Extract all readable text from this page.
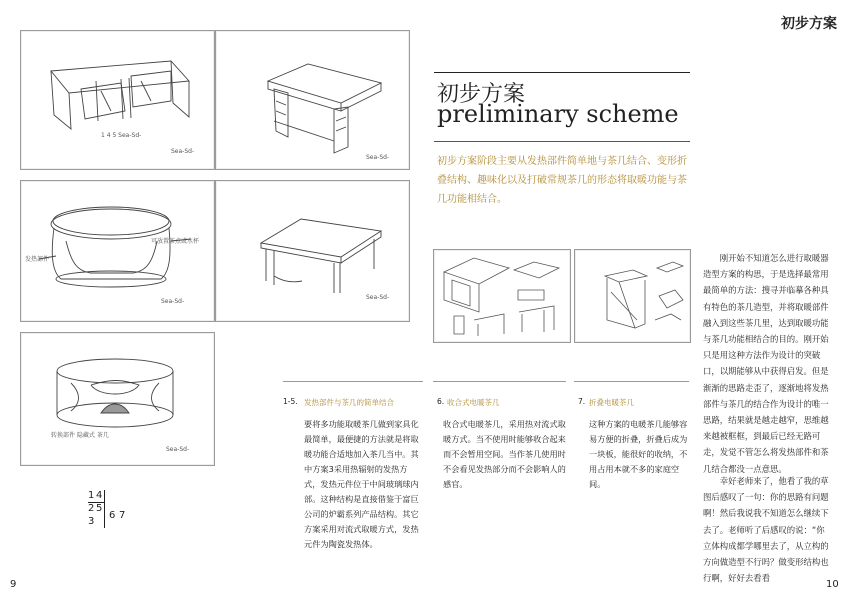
初步方案
1 4 5 Sea-Sd-
Sea-Sd-
Sea-Sd-
发热部件
可放置茶点或水杯
Sea-Sd-
Sea-Sd-
转换部件 隐藏式 茶几
Sea-Sd-
4
1
2 5
3
6 7
初步方案
preliminary scheme
初步方案阶段主要从发热部件简单地与茶几结合、变形折叠结构、趣味化以及打破常规茶几的形态将取暖功能与茶几功能相结合。
1-5. 发热部件与茶几的简单结合
要将多功能取暖茶几做到家具化最简单，最便捷的方法就是将取暖功能合适地加入茶几当中。其中方案3采用热辐射的发热方式，发热元件位于中间玻璃球内部。这种结构是直接借鉴于富巨公司的炉霸系列产品结构。其它方案采用对流式取暖方式，发热元件为陶瓷发热体。
6. 收合式电暖茶几
收合式电暖茶几，采用热对流式取暖方式。当不使用时能够收合起来而不会暂用空间。当作茶几使用时不会看见发热部分而不会影响人的感官。
7. 折叠电暖茶几
这种方案的电暖茶几能够容易方便的折叠，折叠后成为一块板，能很好的收纳，不用占用本就不多的家庭空间。
刚开始不知道怎么进行取暖器造型方案的构思，于是选择最常用最简单的方法：搜寻并临摹各种具有特色的茶几造型，并将取暖部件融入到这些茶几里，达到取暖功能与茶几功能相结合的目的。刚开始只是用这种方法作为设计的突破口，以期能够从中获得启发。但是渐渐的思路走歪了，逐渐地将发热部件与茶几的结合作为设计的唯一思路，结果就是越走越窄，思维越来越被框框，到最后已经无路可走，发觉不管怎么将发热部件和茶几结合都没一点意思。
幸好老师来了，他看了我的草图后感叹了一句：你的思路有问题啊！然后我说我不知道怎么继续下去了。老师听了后感叹的说：“你立体构成都学哪里去了，从立构的方向做造型不行吗？做变形结构也行啊，好好去看看
9	10
